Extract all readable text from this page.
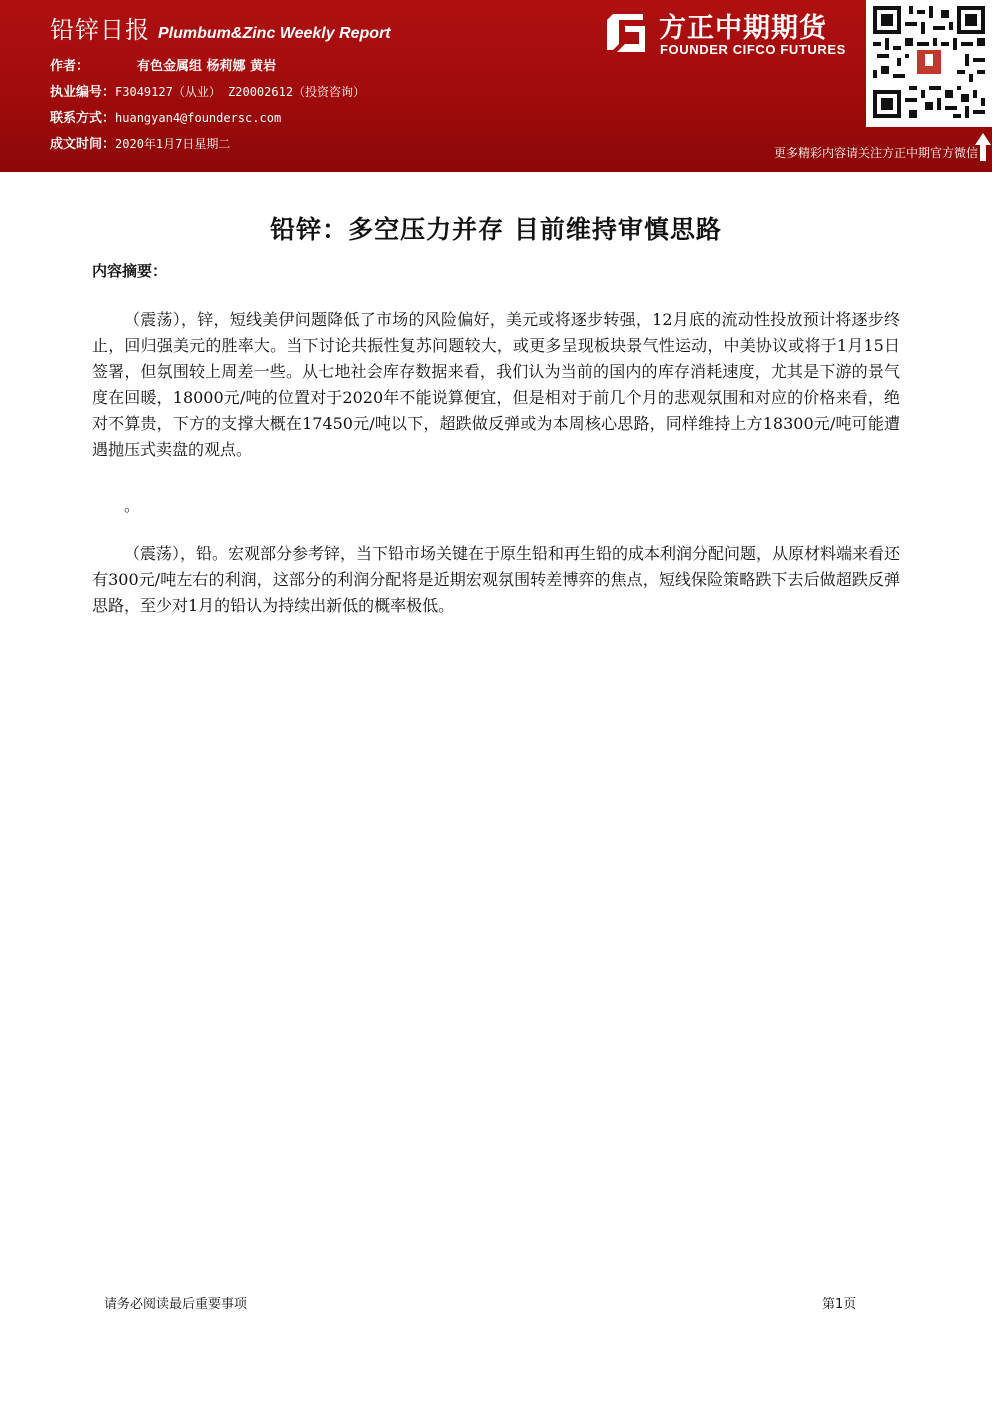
铅锌日报 Plumbum&Zinc Weekly Report
作者：	有色金属组 杨莉娜 黄岩
执业编号：F3049127（从业） Z20002612（投资咨询）
联系方式：huangyan4@foundersc.com
成文时间：2020年1月7日星期二
方正中期期货
FOUNDER CIFCO FUTURES
更多精彩内容请关注方正中期官方微信
铅锌：多空压力并存 目前维持审慎思路
内容摘要：

（震荡），锌，短线美伊问题降低了市场的风险偏好，美元或将逐步转强，12月底的流动性投放预计将逐步终止，回归强美元的胜率大。当下讨论共振性复苏问题较大，或更多呈现板块景气性运动，中美协议或将于1月15日签署，但氛围较上周差一些。从七地社会库存数据来看，我们认为当前的国内的库存消耗速度，尤其是下游的景气度在回暖，18000元/吨的位置对于2020年不能说算便宜，但是相对于前几个月的悲观氛围和对应的价格来看，绝对不算贵，下方的支撑大概在17450元/吨以下，超跌做反弹或为本周核心思路，同样维持上方18300元/吨可能遭遇抛压式卖盘的观点。

。

（震荡），铅。宏观部分参考锌，当下铅市场关键在于原生铅和再生铅的成本利润分配问题，从原材料端来看还有300元/吨左右的利润，这部分的利润分配将是近期宏观氛围转差博弈的焦点，短线保险策略跌下去后做超跌反弹思路，至少对1月的铅认为持续出新低的概率极低。

请务必阅读最后重要事项	第1页
